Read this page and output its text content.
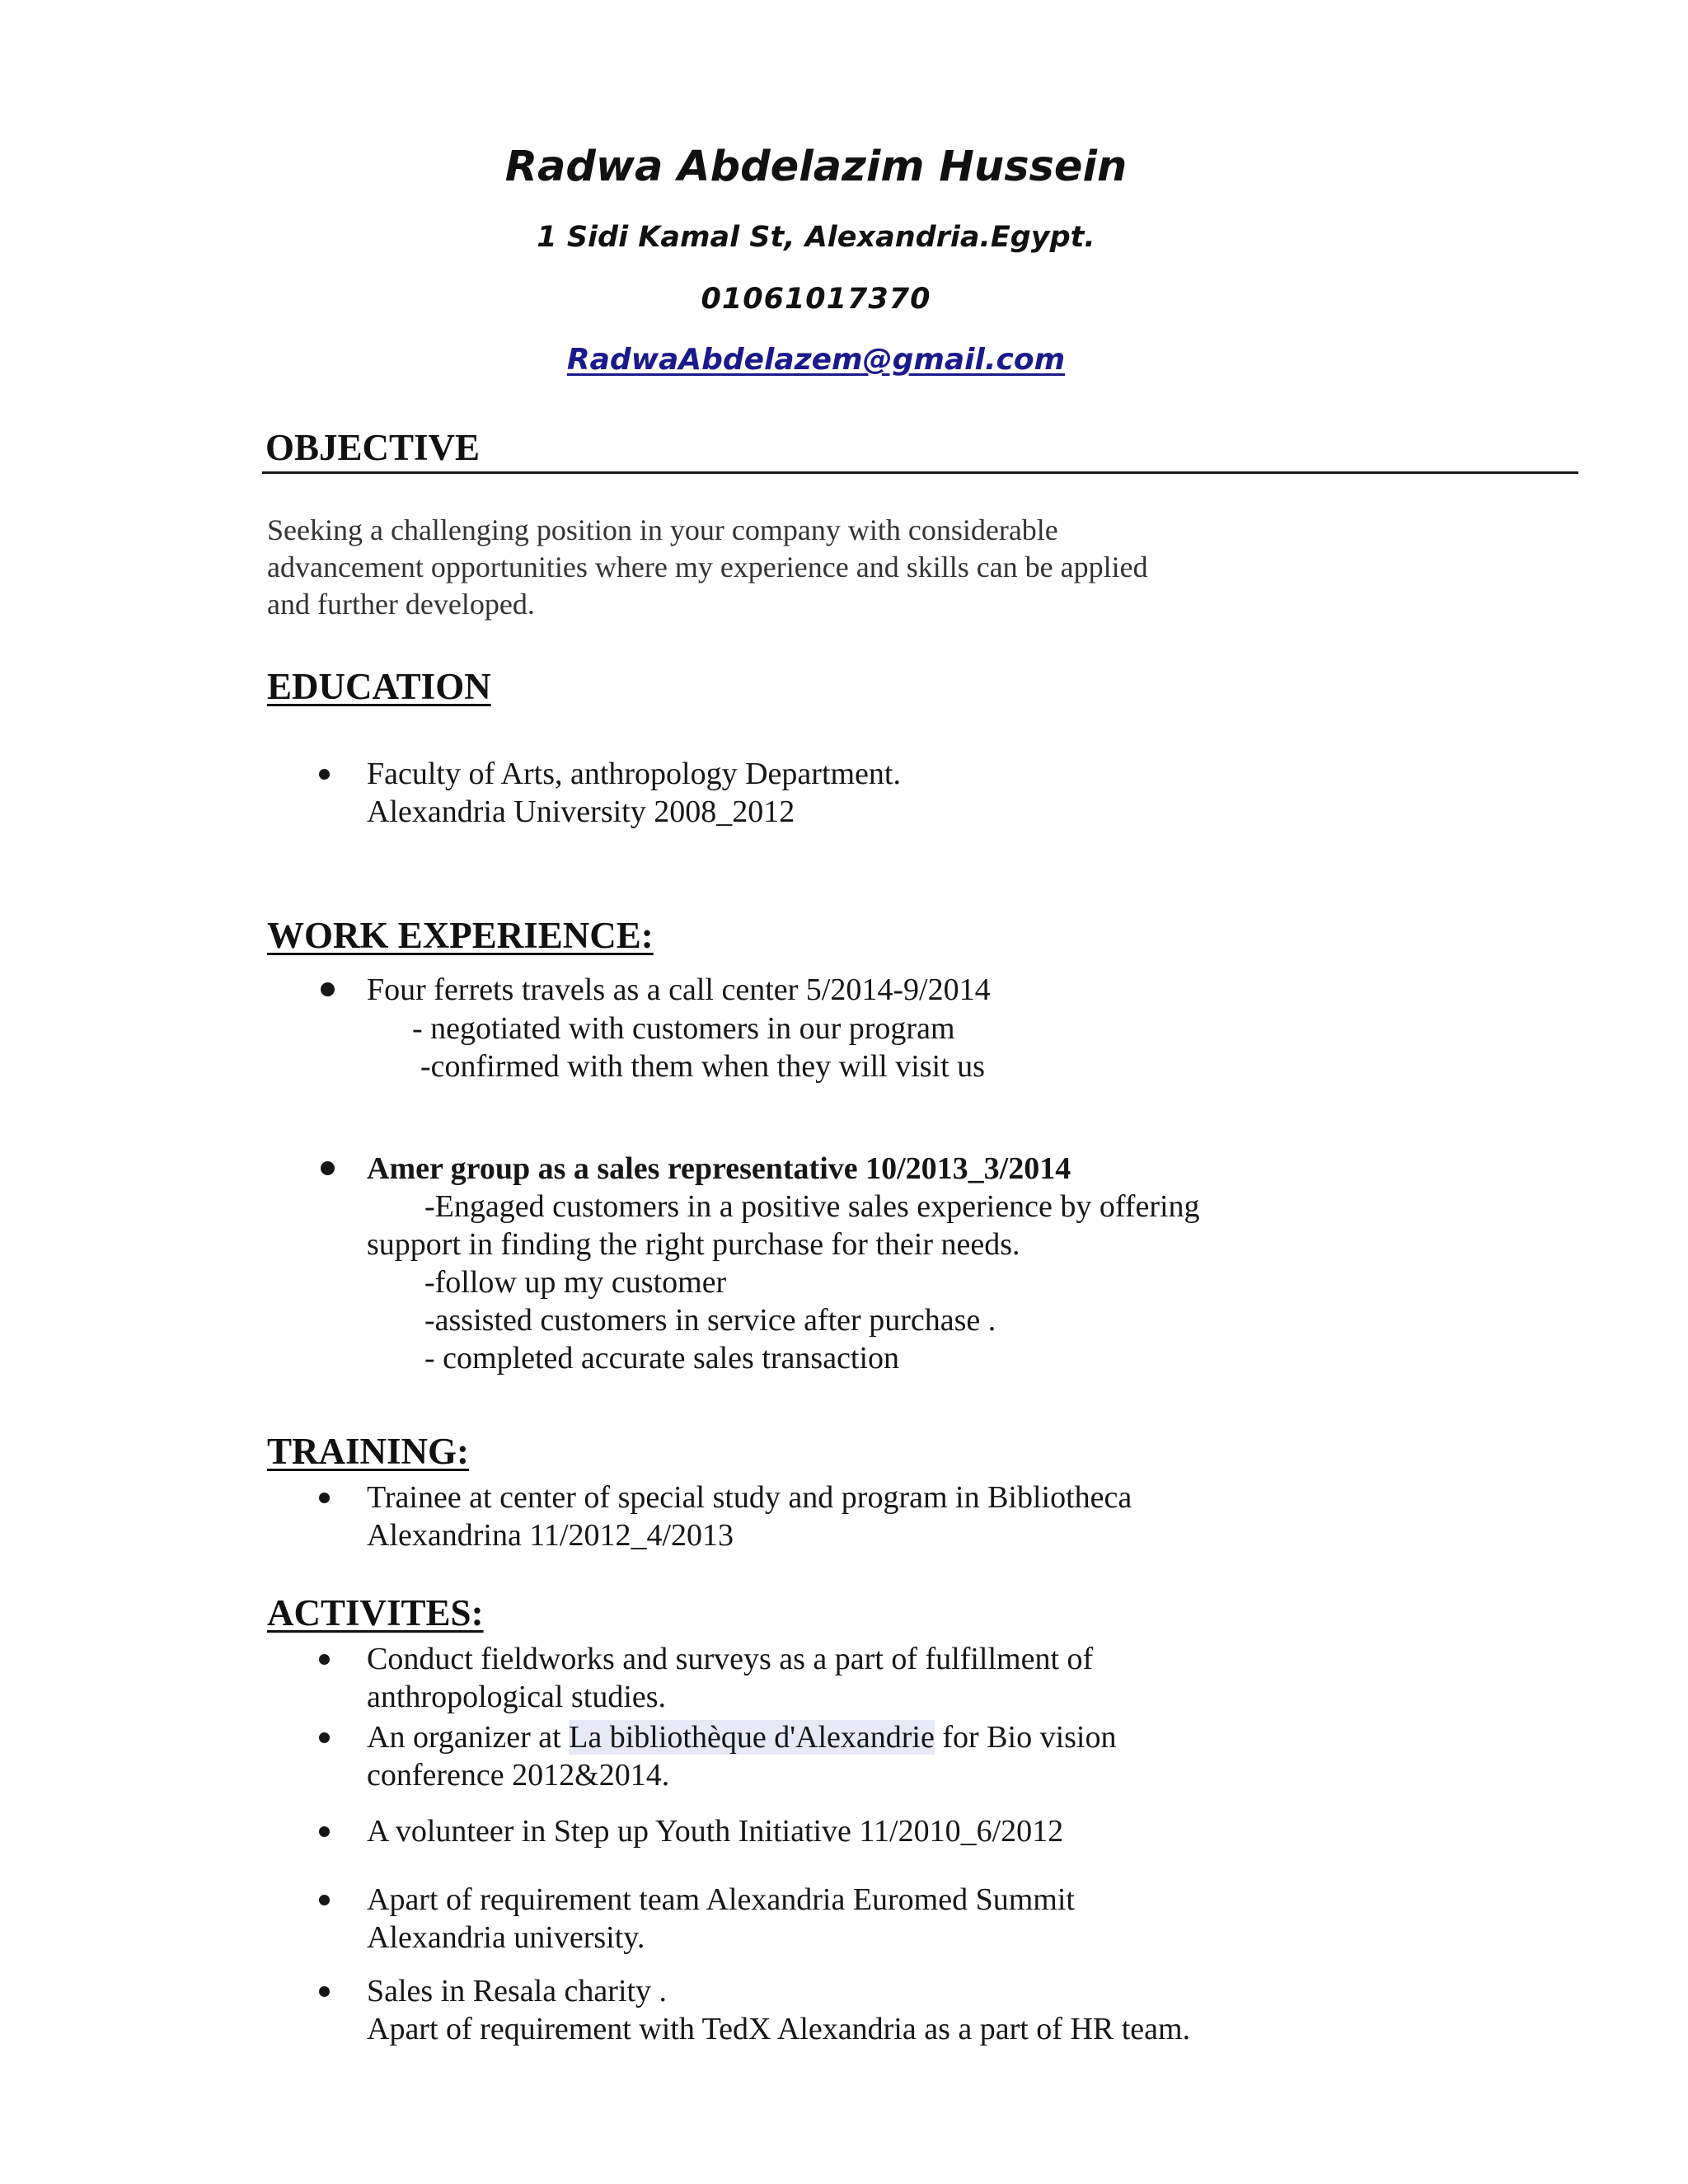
Radwa Abdelazim Hussein
1 Sidi Kamal St, Alexandria.Egypt.
01061017370
RadwaAbdelazem@gmail.com
OBJECTIVE
Seeking a challenging position in your company with considerable
advancement opportunities where my experience and skills can be applied
and further developed.
EDUCATION
Faculty of Arts, anthropology Department.
Alexandria University 2008_2012
WORK EXPERIENCE:
Four ferrets travels as a call center 5/2014-9/2014
- negotiated with customers in our program
-confirmed with them when they will visit us
Amer group as a sales representative 10/2013_3/2014
-Engaged customers in a positive sales experience by offering
support in finding the right purchase for their needs.
-follow up my customer
-assisted customers in service after purchase .
- completed accurate sales transaction
TRAINING:
Trainee at center of special study and program in Bibliotheca
Alexandrina 11/2012_4/2013
ACTIVITES:
Conduct fieldworks and surveys as a part of fulfillment of
anthropological studies.
An organizer at La bibliothèque d'Alexandrie for Bio vision
conference 2012&2014.
A volunteer in Step up Youth Initiative 11/2010_6/2012
Apart of requirement team Alexandria Euromed Summit
Alexandria university.
Sales in Resala charity .
Apart of requirement with TedX Alexandria as a part of HR team.
